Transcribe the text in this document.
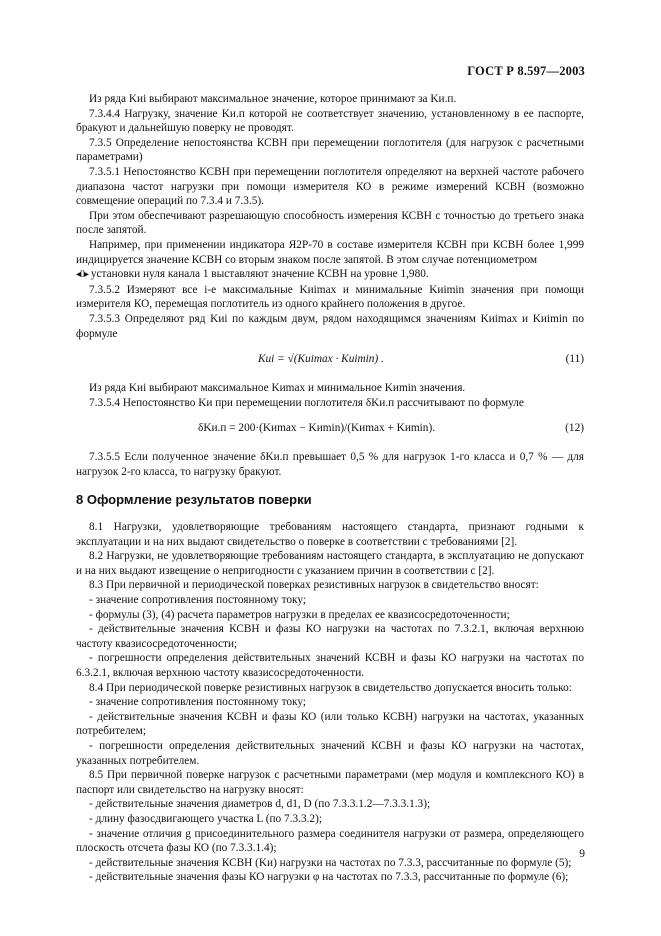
ГОСТ Р 8.597—2003

Из ряда Kиi выбирают максимальное значение, которое принимают за Kи.п.

7.3.4.4 Нагрузку, значение Kи.п которой не соответствует значению, установленному в ее паспорте, бракуют и дальнейшую поверку не проводят.

7.3.5 Определение непостоянства КСВН при перемещении поглотителя (для нагрузок с расчетными параметрами)

7.3.5.1 Непостоянство КСВН при перемещении поглотителя определяют на верхней частоте рабочего диапазона частот нагрузки при помощи измерителя КО в режиме измерений КСВН (возможно совмещение операций по 7.3.4 и 7.3.5).

При этом обеспечивают разрешающую способность измерения КСВН с точностью до третьего знака после запятой.

Например, при применении индикатора Я2Р-70 в составе измерителя КСВН при КСВН более 1,999 индицируется значение КСВН со вторым знаком после запятой. В этом случае потенциометром

◂0▸ установки нуля канала 1 выставляют значение КСВН на уровне 1,980.

7.3.5.2 Измеряют все i-е максимальные Kиimax и минимальные Kиimin значения при помощи измерителя КО, перемещая поглотитель из одного крайнего положения в другое.

7.3.5.3 Определяют ряд Kиi по каждым двум, рядом находящимся значениям Kиimax и Kиimin по формуле

Kиi = √(Kиimax · Kиimin) .	(11)

Из ряда Kиi выбирают максимальное Kиmax и минимальное Kиmin значения.

7.3.5.4 Непостоянство Kи при перемещении поглотителя δKи.п рассчитывают по формуле

δKи.п = 200·(Kиmax − Kиmin)/(Kиmax + Kиmin).	(12)

7.3.5.5 Если полученное значение δKи.п превышает 0,5 % для нагрузок 1-го класса и 0,7 % — для нагрузок 2-го класса, то нагрузку бракуют.

8 Оформление результатов поверки

8.1 Нагрузки, удовлетворяющие требованиям настоящего стандарта, признают годными к эксплуатации и на них выдают свидетельство о поверке в соответствии с требованиями [2].

8.2 Нагрузки, не удовлетворяющие требованиям настоящего стандарта, в эксплуатацию не допускают и на них выдают извещение о непригодности с указанием причин в соответствии с [2].

8.3 При первичной и периодической поверках резистивных нагрузок в свидетельство вносят:

- значение сопротивления постоянному току;

- формулы (3), (4) расчета параметров нагрузки в пределах ее квазисосредоточенности;

- действительные значения КСВН и фазы КО нагрузки на частотах по 7.3.2.1, включая верхнюю частоту квазисосредоточенности;

- погрешности определения действительных значений КСВН и фазы КО нагрузки на частотах по 6.3.2.1, включая верхнюю частоту квазисосредоточенности.

8.4 При периодической поверке резистивных нагрузок в свидетельство допускается вносить только:

- значение сопротивления постоянному току;

- действительные значения КСВН и фазы КО (или только КСВН) нагрузки на частотах, указанных потребителем;

- погрешности определения действительных значений КСВН и фазы КО нагрузки на частотах, указанных потребителем.

8.5 При первичной поверке нагрузок с расчетными параметрами (мер модуля и комплексного КО) в паспорт или свидетельство на нагрузку вносят:

- действительные значения диаметров d, d1, D (по 7.3.3.1.2—7.3.3.1.3);

- длину фазосдвигающего участка L (по 7.3.3.2);

- значение отличия g присоединительного размера соединителя нагрузки от размера, определяющего плоскость отсчета фазы КО (по 7.3.3.1.4);

- действительные значения КСВН (Kи) нагрузки на частотах по 7.3.3, рассчитанные по формуле (5);

- действительные значения фазы КО нагрузки φ на частотах по 7.3.3, рассчитанные по формуле (6);

9
